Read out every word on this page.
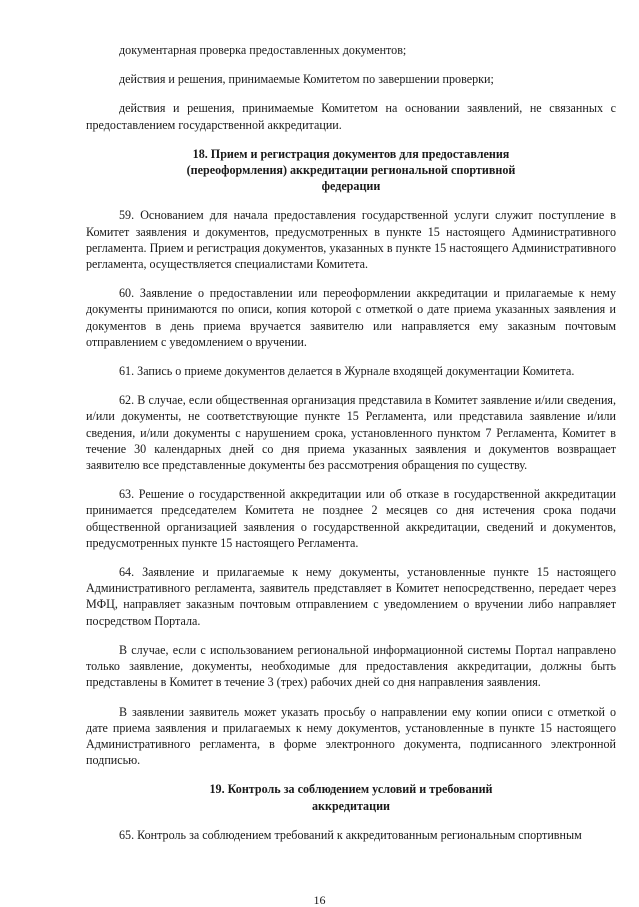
документарная проверка предоставленных документов;

действия и решения, принимаемые Комитетом по завершении проверки;

действия и решения, принимаемые Комитетом на основании заявлений, не связанных с предоставлением государственной аккредитации.

18. Прием и регистрация документов для предоставления
(переоформления) аккредитации региональной спортивной
федерации

59. Основанием для начала предоставления государственной услуги служит поступление в Комитет заявления и документов, предусмотренных в пункте 15 настоящего Административного регламента. Прием и регистрация документов, указанных в пункте 15 настоящего Административного регламента, осуществляется специалистами Комитета.

60. Заявление о предоставлении или переоформлении аккредитации и прилагаемые к нему документы принимаются по описи, копия которой с отметкой о дате приема указанных заявления и документов в день приема вручается заявителю или направляется ему заказным почтовым отправлением с уведомлением о вручении.

61. Запись о приеме документов делается в Журнале входящей документации Комитета.

62. В случае, если общественная организация представила в Комитет заявление и/или сведения, и/или документы, не соответствующие пункте 15 Регламента, или представила заявление и/или сведения, и/или документы с нарушением срока, установленного пунктом 7 Регламента, Комитет в течение 30 календарных дней со дня приема указанных заявления и документов возвращает заявителю все представленные документы без рассмотрения обращения по существу.

63. Решение о государственной аккредитации или об отказе в государственной аккредитации принимается председателем Комитета не позднее 2 месяцев со дня истечения срока подачи общественной организацией заявления о государственной аккредитации, сведений и документов, предусмотренных пункте 15 настоящего Регламента.

64. Заявление и прилагаемые к нему документы, установленные пункте 15 настоящего Административного регламента, заявитель представляет в Комитет непосредственно, передает через МФЦ, направляет заказным почтовым отправлением с уведомлением о вручении либо направляет посредством Портала.

В случае, если с использованием региональной информационной системы Портал направлено только заявление, документы, необходимые для предоставления аккредитации, должны быть представлены в Комитет в течение 3 (трех) рабочих дней со дня направления заявления.

В заявлении заявитель может указать просьбу о направлении ему копии описи с отметкой о дате приема заявления и прилагаемых к нему документов, установленные в пункте 15 настоящего Административного регламента, в форме электронного документа, подписанного электронной подписью.

19. Контроль за соблюдением условий и требований
аккредитации

65. Контроль за соблюдением требований к аккредитованным региональным спортивным

16
